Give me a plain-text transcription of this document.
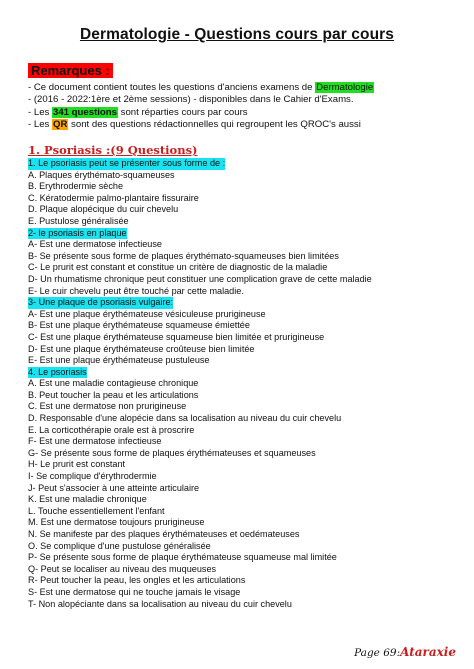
Dermatologie - Questions cours par cours
Remarques :
- Ce document contient toutes les questions d'anciens examens de Dermatologie
- (2016 - 2022:1ère et 2ème sessions) - disponibles dans le Cahier d'Exams.
- Les 341 questions sont réparties cours par cours
- Les QR sont des questions rédactionnelles qui regroupent les QROC's aussi
1. Psoriasis :(9 Questions)
1. Le psoriasis peut se présenter sous forme de :
A. Plaques érythémato-squameuses
B. Erythrodermie sèche
C. Kératodermie palmo-plantaire fissuraire
D. Plaque alopécique du cuir chevelu
E. Pustulose généralisée
2- le psoriasis en plaque
A- Est une dermatose infectieuse
B- Se présente sous forme de plaques érythémato-squameuses bien limitées
C- Le prurit est constant et constitue un critère de diagnostic de la maladie
D- Un rhumatisme chronique peut constituer une complication grave de cette maladie
E- Le cuir chevelu peut être touché par cette maladie.
3- Une plaque de psoriasis vulgaire:
A- Est une plaque érythémateuse vésiculeuse prurigineuse
B- Est une plaque érythémateuse squameuse émiettée
C- Est une plaque érythémateuse squameuse bien limitée et prurigineuse
D- Est une plaque érythémateuse croûteuse bien limitée
E- Est une plaque érythémateuse pustuleuse
4. Le psoriasis
A. Est une maladie contagieuse chronique
B. Peut toucher la peau et les articulations
C. Est une dermatose non prurigineuse
D. Responsable d'une alopécie dans sa localisation au niveau du cuir chevelu
E. La corticothérapie orale est à proscrire
F- Est une dermatose infectieuse
G- Se présente sous forme de plaques érythémateuses et squameuses
H- Le prurit est constant
I- Se complique d'érythrodermie
J- Peut s'associer à une atteinte articulaire
K. Est une maladie chronique
L. Touche essentiellement l'enfant
M. Est une dermatose toujours prurigineuse
N. Se manifeste par des plaques érythémateuses et oedémateuses
O. Se complique d'une pustulose généralisée
P- Se présente sous forme de plaque érythémateuse squameuse mal limitée
Q- Peut se localiser au niveau des muqueuses
R- Peut toucher la peau, les ongles et les articulations
S- Est une dermatose qui ne touche jamais le visage
T- Non alopéciante dans sa localisation au niveau du cuir chevelu
Page 69:Ataraxie
